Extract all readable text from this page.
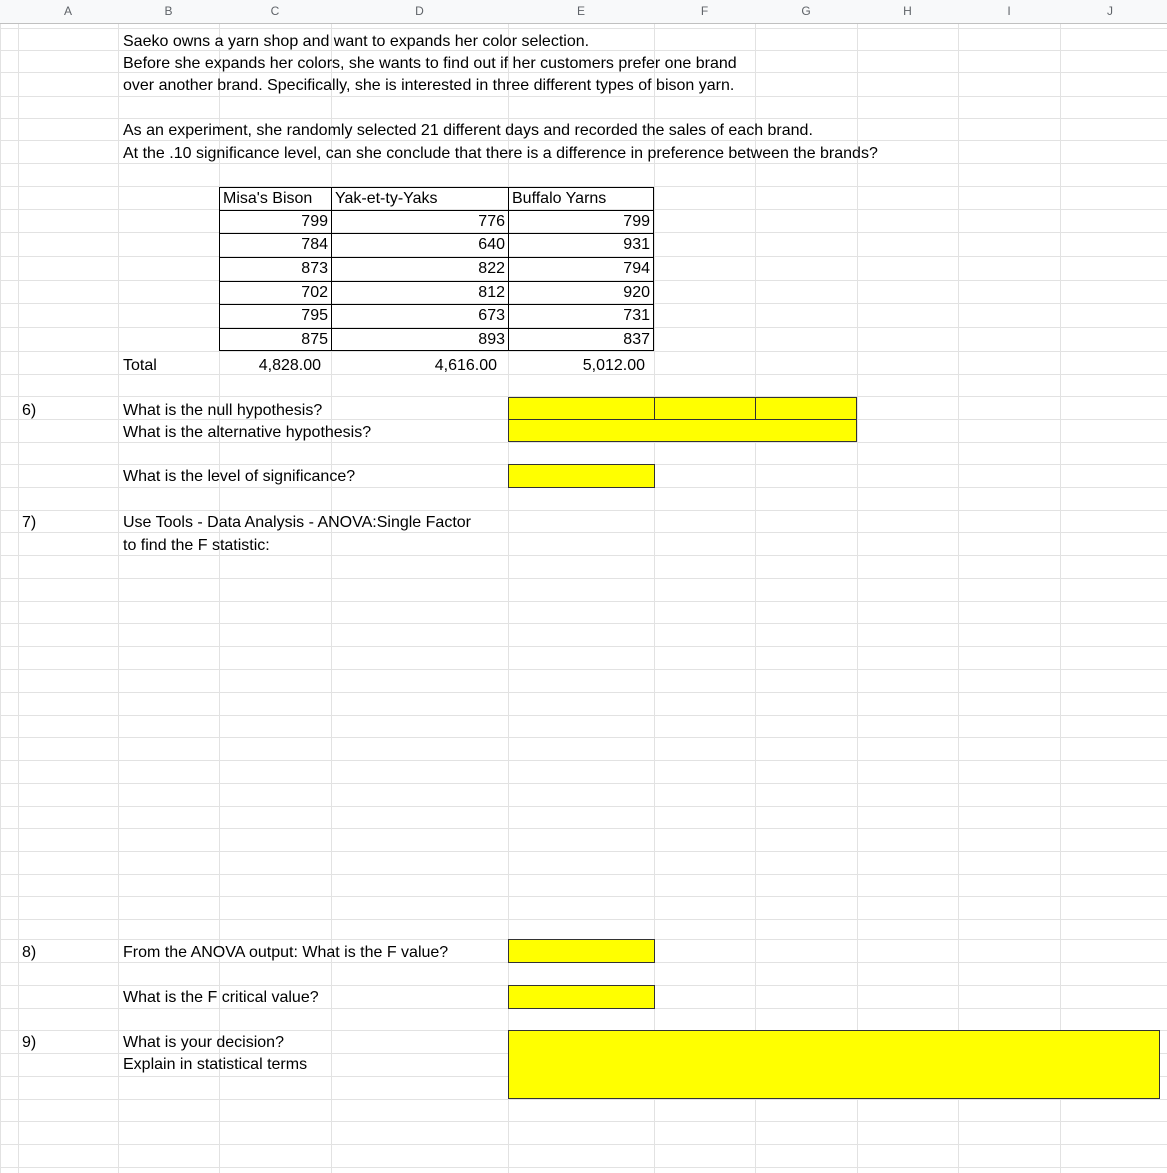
A	B	C	D	E	F	G	H	I	J
Saeko owns a yarn shop and want to expands her color selection.
Before she expands her colors, she wants to find out if her customers prefer one brand
over another brand. Specifically, she is interested in three different types of bison yarn.
As an experiment, she randomly selected 21 different days and recorded the sales of each brand.
At the .10 significance level, can she conclude that there is a difference in preference between the brands?
Misa's Bison	Yak-et-ty-Yaks	Buffalo Yarns
799	776	799
784	640	931
873	822	794
702	812	920
795	673	731
875	893	837
Total	4,828.00	4,616.00	5,012.00
6)	What is the null hypothesis?
What is the alternative hypothesis?
What is the level of significance?
7)	Use Tools - Data Analysis - ANOVA:Single Factor
to find the F statistic:
8)	From the ANOVA output: What is the F value?
What is the F critical value?
9)	What is your decision?
Explain in statistical terms
